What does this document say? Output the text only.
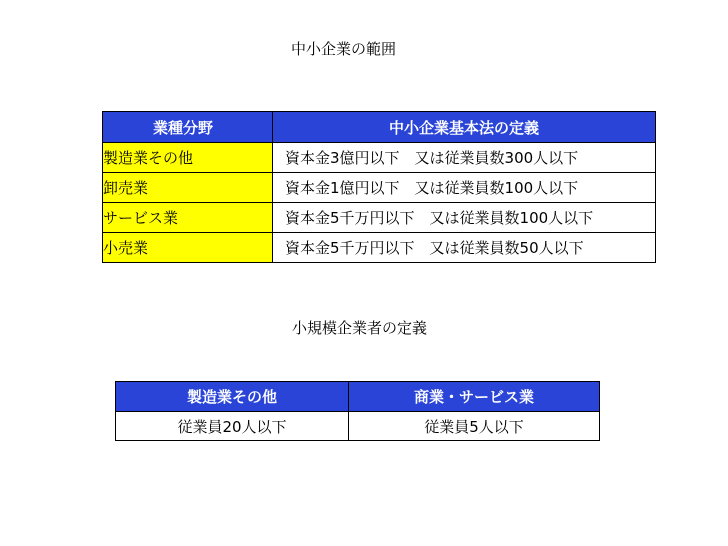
中小企業の範囲
業種分野	中小企業基本法の定義
製造業その他	資本金3億円以下　又は従業員数300人以下
卸売業	資本金1億円以下　又は従業員数100人以下
サービス業	資本金5千万円以下　又は従業員数100人以下
小売業	資本金5千万円以下　又は従業員数50人以下
小規模企業者の定義
製造業その他	商業・サービス業
従業員20人以下	従業員5人以下
